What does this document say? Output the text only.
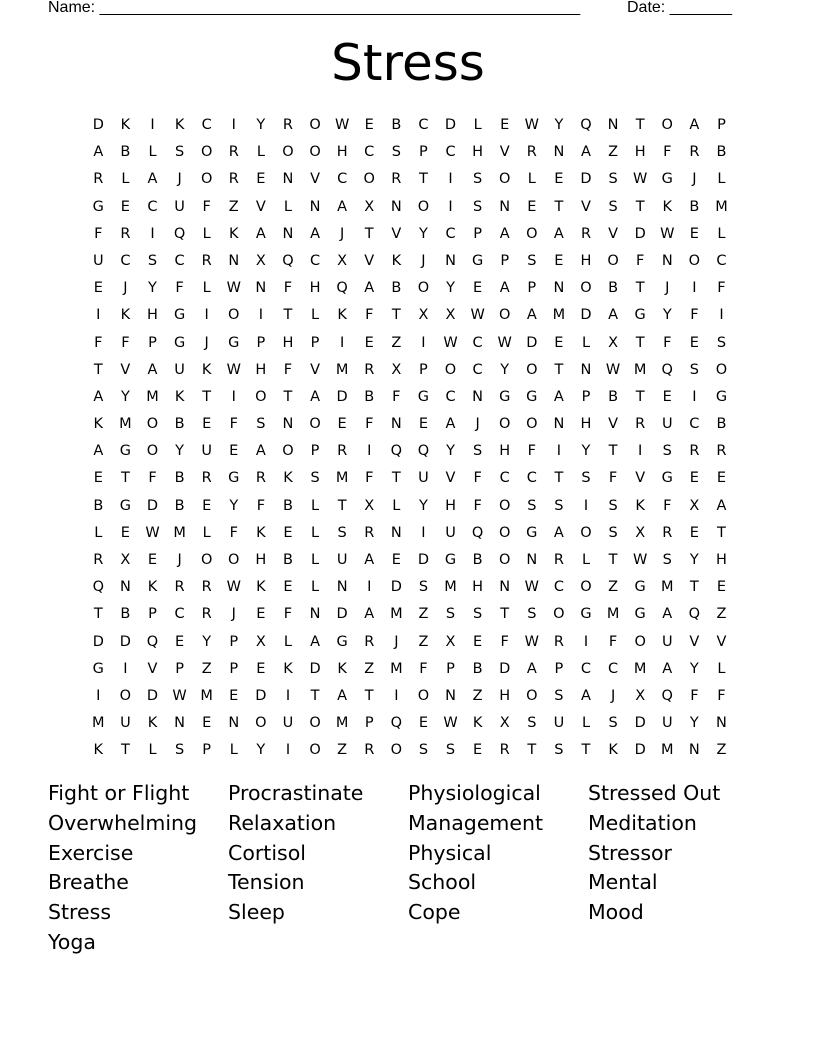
Name: ______________________________________________________	Date: _______
Stress
D	K	I	K	C	I	Y	R	O W	E	B	C	D	L	E	W	Y	Q	N	T	O	A	P
A	B	L	S	O	R	L	O	O	H	C	S	P	C	H	V	R	N	A	Z	H	F	R	B
R	L	A	J	O	R	E	N	V	C	O	R	T	I	S	O	L	E	D	S	W G	J	L
G	E	C	U	F	Z	V	L	N	A	X	N	O	I	S	N	E	T	V	S	T	K	B	M
F	R	I	Q	L	K	A	N	A	J	T	V	Y	C	P	A	O	A	R	V	D W	E	L
U	C	S	C	R	N	X	Q	C	X	V	K	J	N	G	P	S	E	H	O	F	N	O	C
E	J	Y	F	L	W N	F	H	Q	A	B	O	Y	E	A	P	N	O	B	T	J	I	F
I	K	H	G	I	O	I	T	L	K	F	T	X	X W O	A	M	D	A	G	Y	F	I
F	F	P	G	J	G	P	H	P	I	E	Z	I	W C W D	E	L	X	T	F	E	S
T	V	A	U	K	W H	F	V	M	R	X	P	O	C	Y	O	T	N W M	Q	S	O
A	Y	M	K	T	I	O	T	A	D	B	F	G	C	N	G	G	A	P	B	T	E	I	G
K	M	O	B	E	F	S	N	O	E	F	N	E	A	J	O	O	N	H	V	R	U	C	B
A	G	O	Y	U	E	A	O	P	R	I	Q	Q	Y	S	H	F	I	Y	T	I	S	R	R
E	T	F	B	R	G	R	K	S	M	F	T	U	V	F	C	C	T	S	F	V	G	E	E
B	G	D	B	E	Y	F	B	L	T	X	L	Y	H	F	O	S	S	I	S	K	F	X	A
L	E	W M	L	F	K	E	L	S	R	N	I	U	Q	O	G	A	O	S	X	R	E	T
R	X	E	J	O	O	H	B	L	U	A	E	D	G	B	O	N	R	L	T	W	S	Y	H
Q	N	K	R	R W	K	E	L	N	I	D	S	M	H	N W C	O	Z	G	M	T	E
T	B	P	C	R	J	E	F	N	D	A	M	Z	S	S	T	S	O	G	M	G	A	Q	Z
D	D	Q	E	Y	P	X	L	A	G	R	J	Z	X	E	F	W R	I	F	O	U	V	V
G	I	V	P	Z	P	E	K	D	K	Z	M	F	P	B	D	A	P	C	C	M	A	Y	L
I	O	D W M	E	D	I	T	A	T	I	O	N	Z	H	O	S	A	J	X	Q	F	F
M	U	K	N	E	N	O	U	O	M	P	Q	E	W	K	X	S	U	L	S	D	U	Y	N
K	T	L	S	P	L	Y	I	O	Z	R	O	S	S	E	R	T	S	T	K	D	M	N	Z
Fight or Flight	Procrastinate	Physiological	Stressed Out
Overwhelming	Relaxation	Management	Meditation
Exercise	Cortisol	Physical	Stressor
Breathe	Tension	School	Mental
Stress	Sleep	Cope	Mood
Yoga
